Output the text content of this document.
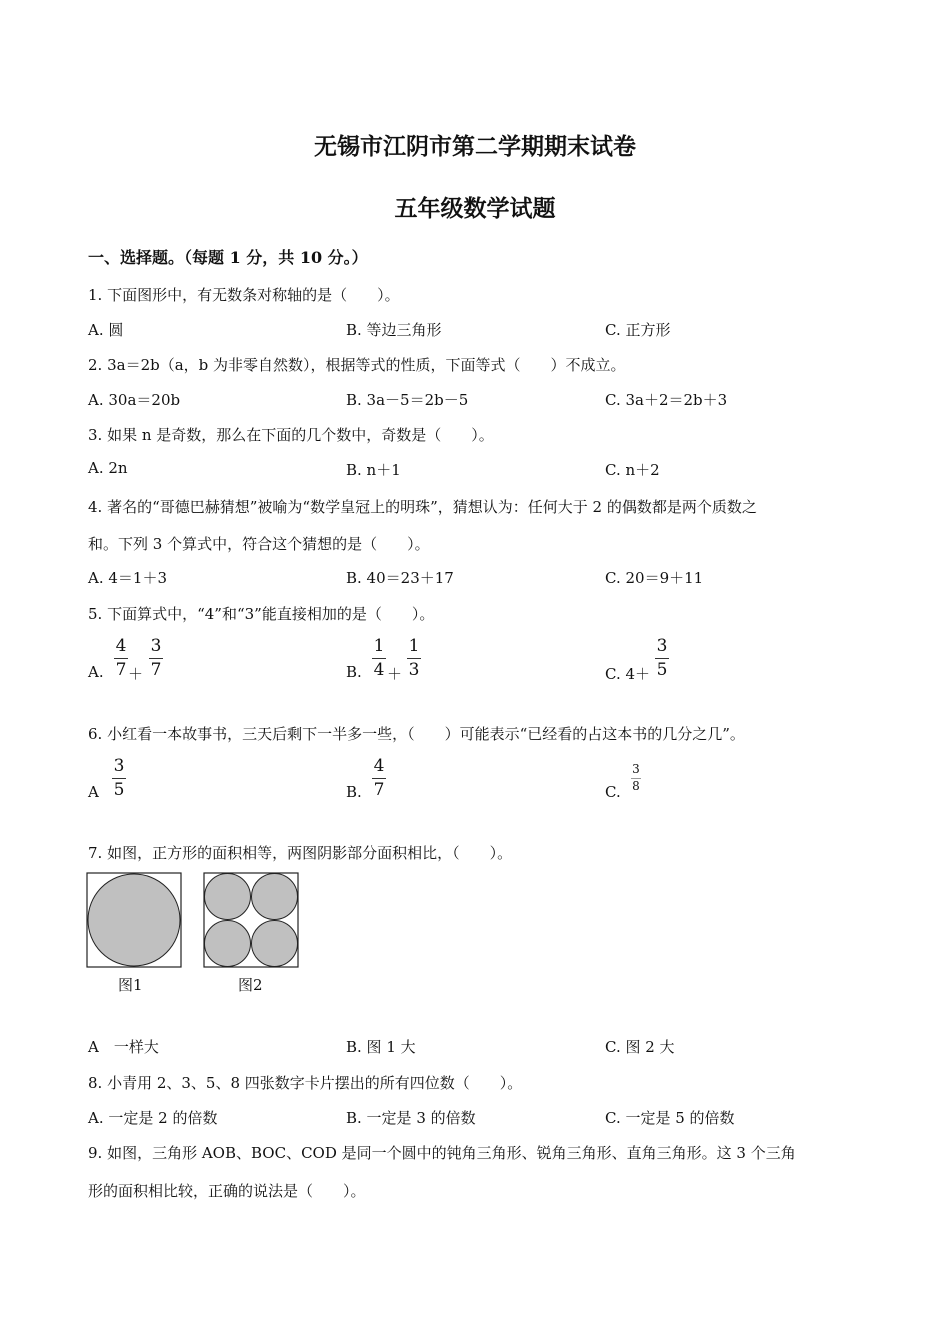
无锡市江阴市第二学期期末试卷
五年级数学试题
一、选择题。（每题 1 分，共 10 分。）
1. 下面图形中，有无数条对称轴的是（　　）。
A. 圆	B. 等边三角形	C. 正方形
2. 3a＝2b（a，b 为非零自然数），根据等式的性质，下面等式（　　）不成立。
A. 30a＝20b	B. 3a－5＝2b－5	C. 3a＋2＝2b＋3
3. 如果 n 是奇数，那么在下面的几个数中，奇数是（　　）。
A. 2n	B. n＋1	C. n＋2
4. 著名的“哥德巴赫猜想”被喻为“数学皇冠上的明珠”，猜想认为：任何大于 2 的偶数都是两个质数之
和。下列 3 个算式中，符合这个猜想的是（　　）。
A. 4＝1＋3	B. 40＝23＋17	C. 20＝9＋11
5. 下面算式中，“4”和“3”能直接相加的是（　　）。
A.
4
7 ＋
3
7	B.
1
4 ＋
1
3	C. 4＋
3
5
6. 小红看一本故事书，三天后剩下一半多一些，（　　）可能表示“已经看的占这本书的几分之几”。
A
3
5	B.
4
7	C.
3
8
7. 如图，正方形的面积相等，两图阴影部分面积相比，（　　）。
图1	图2
A　一样大	B. 图 1 大	C. 图 2 大
8. 小青用 2、3、5、8 四张数字卡片摆出的所有四位数（　　）。
A. 一定是 2 的倍数	B. 一定是 3 的倍数	C. 一定是 5 的倍数
9. 如图，三角形 AOB、BOC、COD 是同一个圆中的钝角三角形、锐角三角形、直角三角形。这 3 个三角
形的面积相比较，正确的说法是（　　）。
